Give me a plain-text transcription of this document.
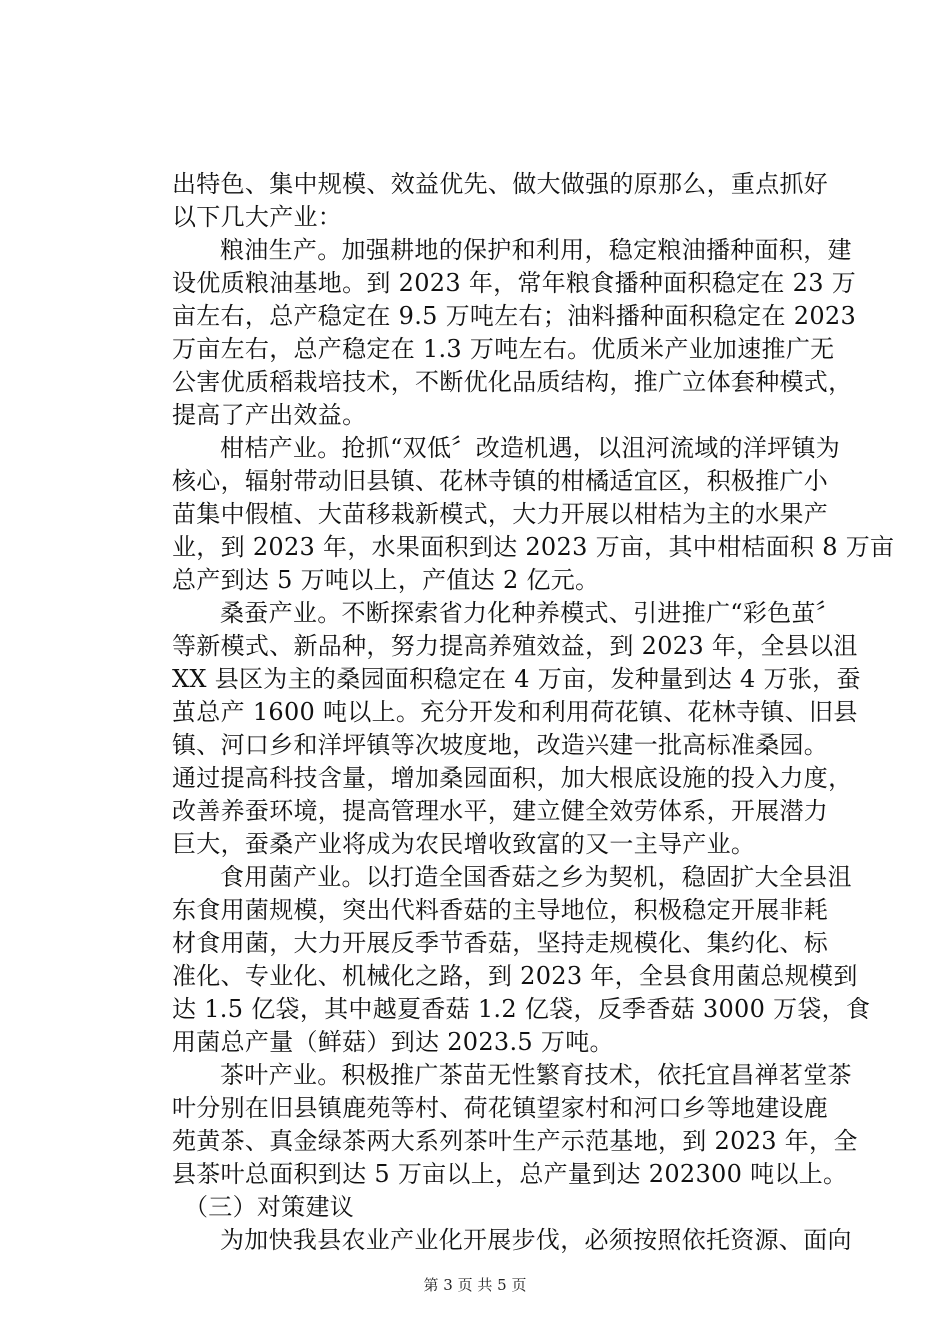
出特色、集中规模、效益优先、做大做强的原那么，重点抓好
以下几大产业：
粮油生产。加强耕地的保护和利用，稳定粮油播种面积，建
设优质粮油基地。到 2023 年，常年粮食播种面积稳定在 23 万
亩左右，总产稳定在 9.5 万吨左右；油料播种面积稳定在 2023
万亩左右，总产稳定在 1.3 万吨左右。优质米产业加速推广无
公害优质稻栽培技术，不断优化品质结构，推广立体套种模式，
提高了产出效益。
柑桔产业。抢抓“双低〞改造机遇，以沮河流域的洋坪镇为
核心，辐射带动旧县镇、花林寺镇的柑橘适宜区，积极推广小
苗集中假植、大苗移栽新模式，大力开展以柑桔为主的水果产
业，到 2023 年，水果面积到达 2023 万亩，其中柑桔面积 8 万亩
总产到达 5 万吨以上，产值达 2 亿元。
桑蚕产业。不断探索省力化种养模式、引进推广“彩色茧〞
等新模式、新品种，努力提高养殖效益，到 2023 年，全县以沮
XX 县区为主的桑园面积稳定在 4 万亩，发种量到达 4 万张，蚕
茧总产 1600 吨以上。充分开发和利用荷花镇、花林寺镇、旧县
镇、河口乡和洋坪镇等次坡度地，改造兴建一批高标准桑园。
通过提高科技含量，增加桑园面积，加大根底设施的投入力度，
改善养蚕环境，提高管理水平，建立健全效劳体系，开展潜力
巨大，蚕桑产业将成为农民增收致富的又一主导产业。
食用菌产业。以打造全国香菇之乡为契机，稳固扩大全县沮
东食用菌规模，突出代料香菇的主导地位，积极稳定开展非耗
材食用菌，大力开展反季节香菇，坚持走规模化、集约化、标
准化、专业化、机械化之路，到 2023 年，全县食用菌总规模到
达 1.5 亿袋，其中越夏香菇 1.2 亿袋，反季香菇 3000 万袋，食
用菌总产量（鲜菇）到达 2023.5 万吨。
茶叶产业。积极推广茶苗无性繁育技术，依托宜昌禅茗堂茶
叶分别在旧县镇鹿苑等村、荷花镇望家村和河口乡等地建设鹿
苑黄茶、真金绿茶两大系列茶叶生产示范基地，到 2023 年，全
县茶叶总面积到达 5 万亩以上，总产量到达 202300 吨以上。
（三）对策建议
为加快我县农业产业化开展步伐，必须按照依托资源、面向
第 3 页 共 5 页
